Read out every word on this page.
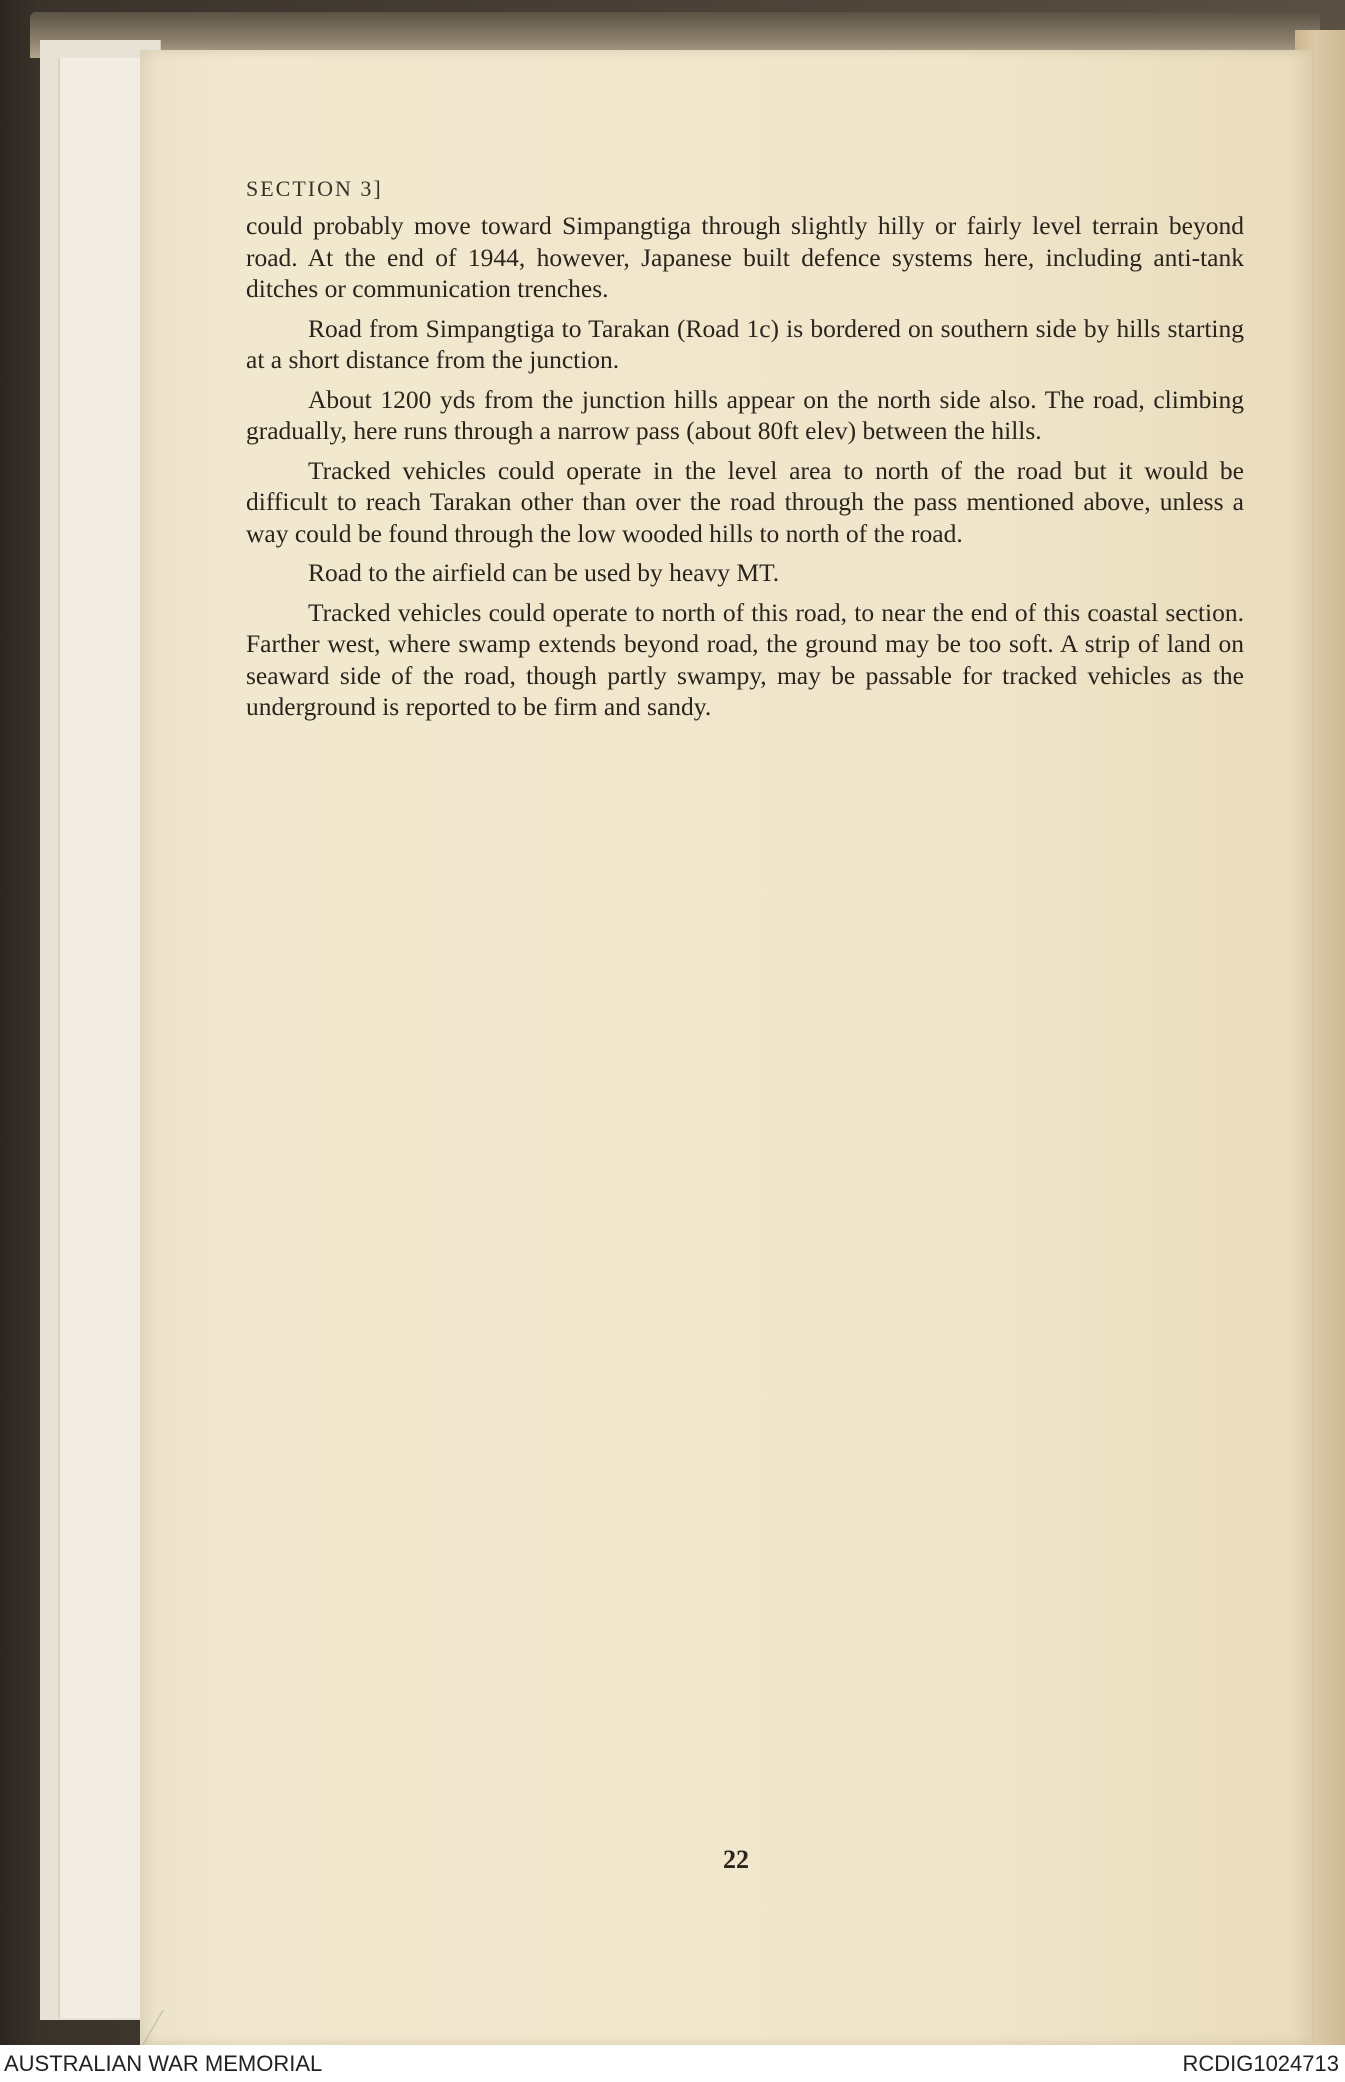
SECTION 3]

could probably move toward Simpangtiga through slightly hilly or fairly level terrain beyond road. At the end of 1944, however, Japanese built defence systems here, including anti-tank ditches or communication trenches.

Road from Simpangtiga to Tarakan (Road 1c) is bordered on southern side by hills starting at a short distance from the junction.

About 1200 yds from the junction hills appear on the north side also. The road, climbing gradually, here runs through a narrow pass (about 80ft elev) between the hills.

Tracked vehicles could operate in the level area to north of the road but it would be difficult to reach Tarakan other than over the road through the pass mentioned above, unless a way could be found through the low wooded hills to north of the road.

Road to the airfield can be used by heavy MT.

Tracked vehicles could operate to north of this road, to near the end of this coastal section. Farther west, where swamp extends beyond road, the ground may be too soft. A strip of land on seaward side of the road, though partly swampy, may be passable for tracked vehicles as the underground is reported to be firm and sandy.

22
AUSTRALIAN WAR MEMORIAL	RCDIG1024713
